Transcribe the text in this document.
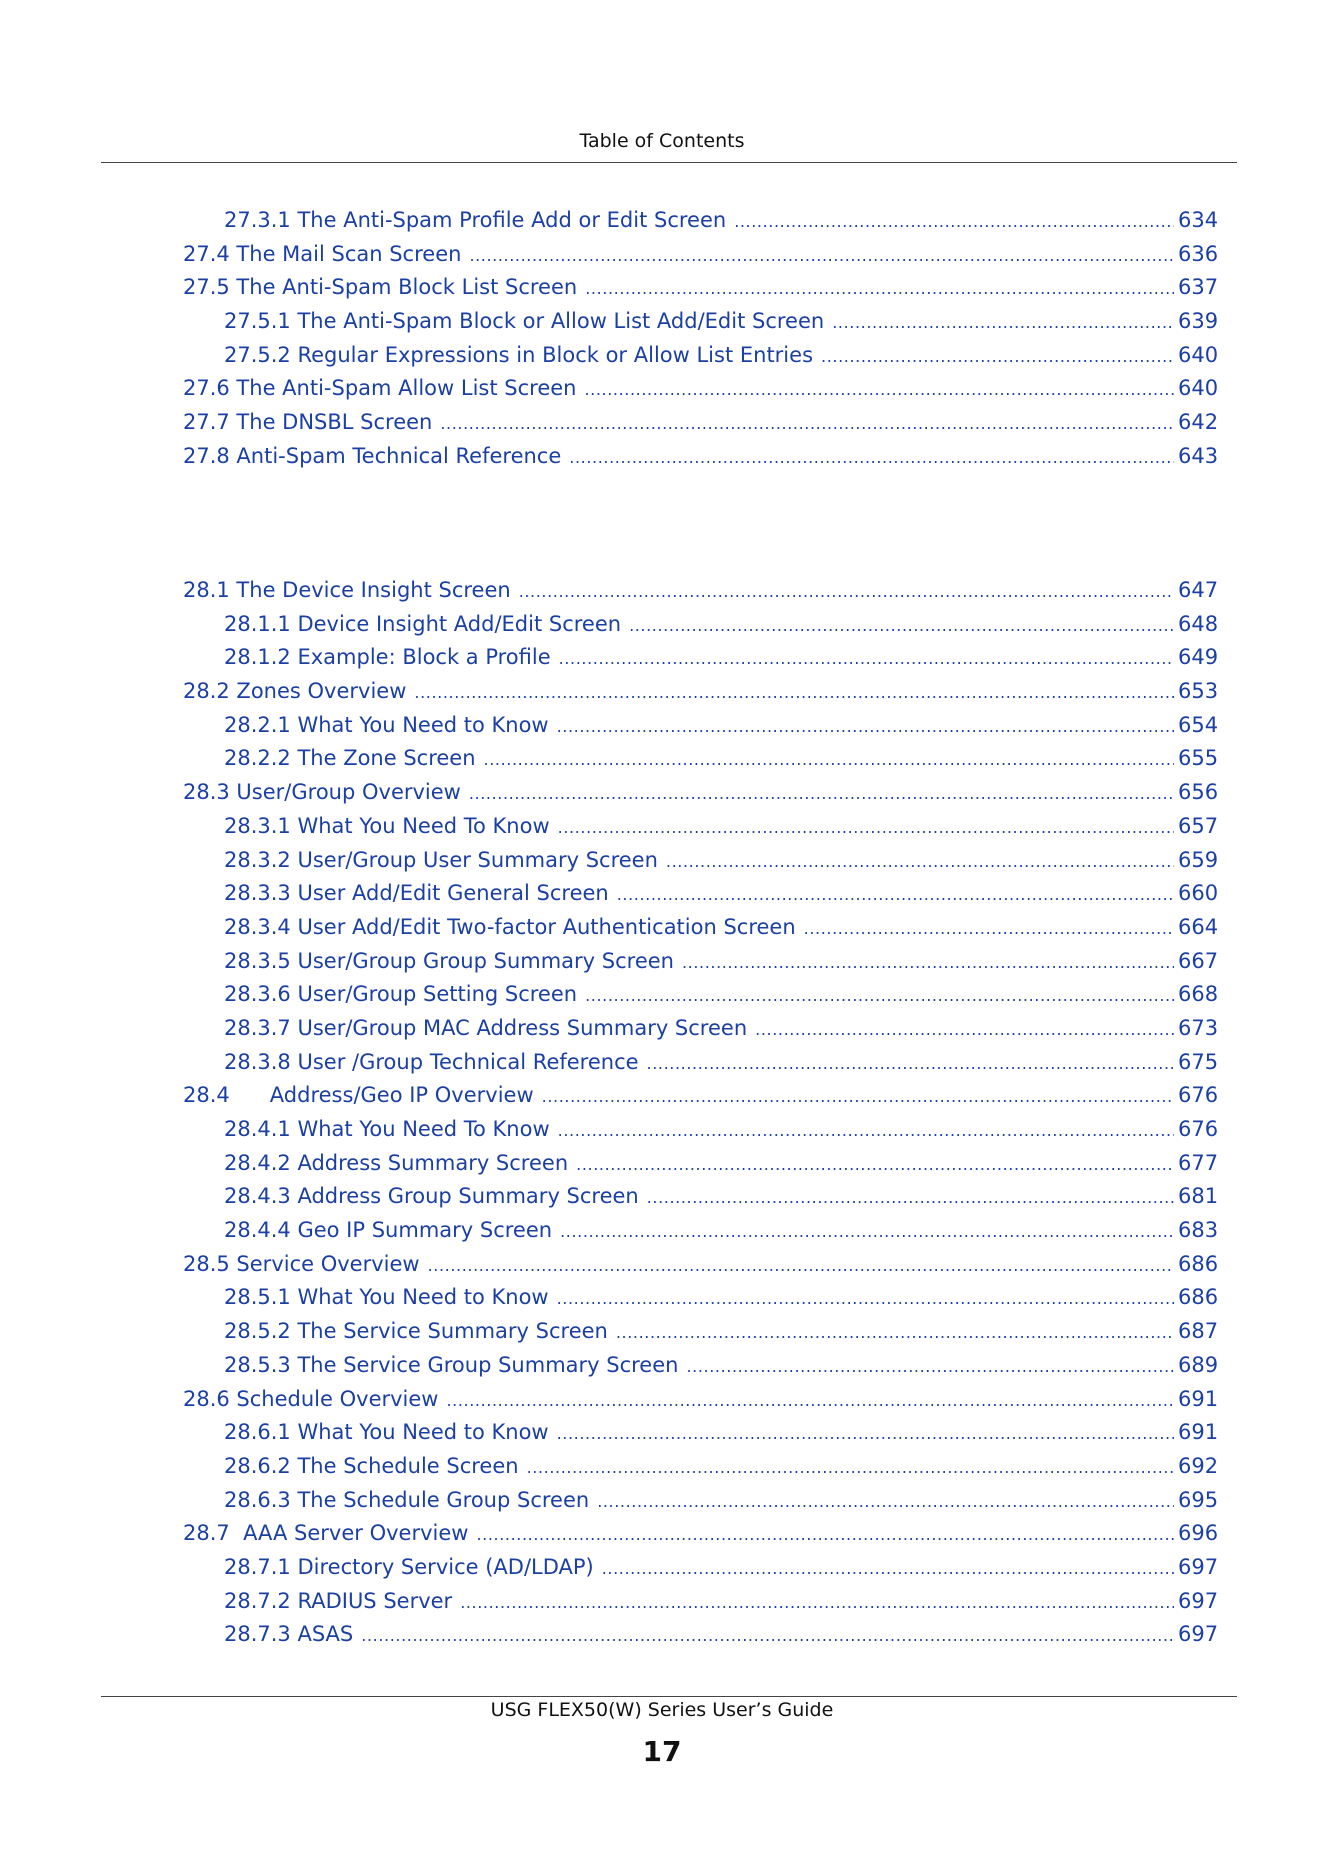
Table of Contents
27.3.1 The Anti-Spam Profile Add or Edit Screen .....	634
27.4 The Mail Scan Screen .....	636
27.5 The Anti-Spam Block List Screen .....	637
27.5.1 The Anti-Spam Block or Allow List Add/Edit Screen .....	639
27.5.2 Regular Expressions in Block or Allow List Entries .....	640
27.6 The Anti-Spam Allow List Screen .....	640
27.7 The DNSBL Screen .....	642
27.8 Anti-Spam Technical Reference .....	643
28.1 The Device Insight Screen .....	647
28.1.1 Device Insight Add/Edit Screen .....	648
28.1.2 Example: Block a Profile .....	649
28.2 Zones Overview .....	653
28.2.1 What You Need to Know .....	654
28.2.2 The Zone Screen .....	655
28.3 User/Group Overview .....	656
28.3.1 What You Need To Know .....	657
28.3.2 User/Group User Summary Screen .....	659
28.3.3 User Add/Edit General Screen .....	660
28.3.4 User Add/Edit Two-factor Authentication Screen .....	664
28.3.5 User/Group Group Summary Screen .....	667
28.3.6 User/Group Setting Screen .....	668
28.3.7 User/Group MAC Address Summary Screen .....	673
28.3.8 User /Group Technical Reference .....	675
28.4      Address/Geo IP Overview .....	676
28.4.1 What You Need To Know .....	676
28.4.2 Address Summary Screen .....	677
28.4.3 Address Group Summary Screen .....	681
28.4.4 Geo IP Summary Screen .....	683
28.5 Service Overview .....	686
28.5.1 What You Need to Know .....	686
28.5.2 The Service Summary Screen .....	687
28.5.3 The Service Group Summary Screen .....	689
28.6 Schedule Overview .....	691
28.6.1 What You Need to Know .....	691
28.6.2 The Schedule Screen .....	692
28.6.3 The Schedule Group Screen .....	695
28.7  AAA Server Overview .....	696
28.7.1 Directory Service (AD/LDAP) .....	697
28.7.2 RADIUS Server .....	697
28.7.3 ASAS .....	697
USG FLEX50(W) Series User’s Guide
17
